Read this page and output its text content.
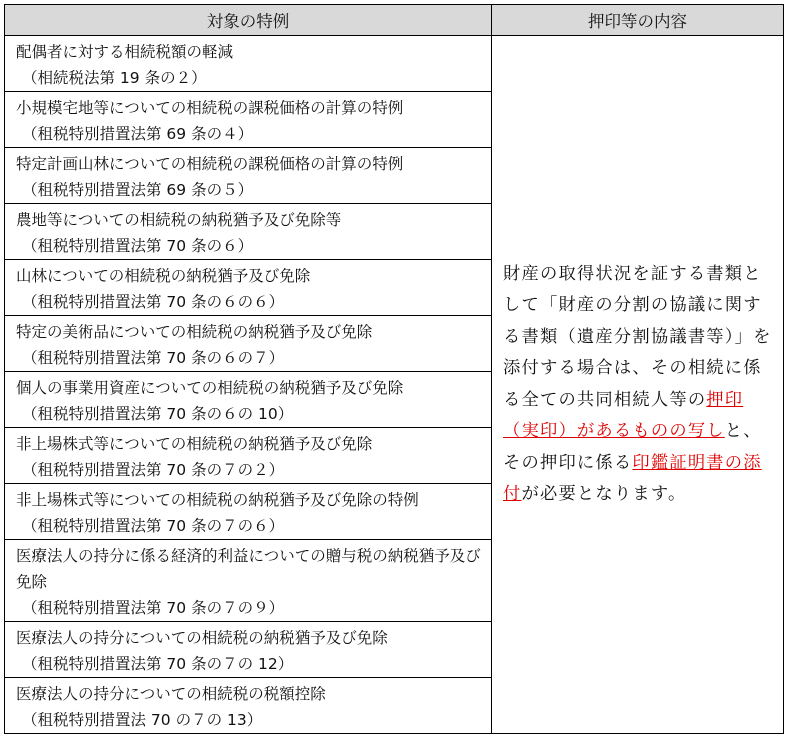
対象の特例	押印等の内容

配偶者に対する相続税額の軽減
（相続税法第 19 条の２）	財産の取得状況を証する書類として「財産の分割の協議に関する書類（遺産分割協議書等）」を添付する場合は、その相続に係る全ての共同相続人等の押印（実印）があるものの写しと、その押印に係る印鑑証明書の添付が必要となります。

小規模宅地等についての相続税の課税価格の計算の特例
（租税特別措置法第 69 条の４）	

特定計画山林についての相続税の課税価格の計算の特例
（租税特別措置法第 69 条の５）	

農地等についての相続税の納税猶予及び免除等
（租税特別措置法第 70 条の６）	

山林についての相続税の納税猶予及び免除
（租税特別措置法第 70 条の６の６）	

特定の美術品についての相続税の納税猶予及び免除
（租税特別措置法第 70 条の６の７）	

個人の事業用資産についての相続税の納税猶予及び免除
（租税特別措置法第 70 条の６の 10）	

非上場株式等についての相続税の納税猶予及び免除
（租税特別措置法第 70 条の７の２）	

非上場株式等についての相続税の納税猶予及び免除の特例
（租税特別措置法第 70 条の７の６）	

医療法人の持分に係る経済的利益についての贈与税の納税猶予及び免除
（租税特別措置法第 70 条の７の９）	

医療法人の持分についての相続税の納税猶予及び免除
（租税特別措置法第 70 条の７の 12）	

医療法人の持分についての相続税の税額控除
（租税特別措置法 70 の７の 13）	
